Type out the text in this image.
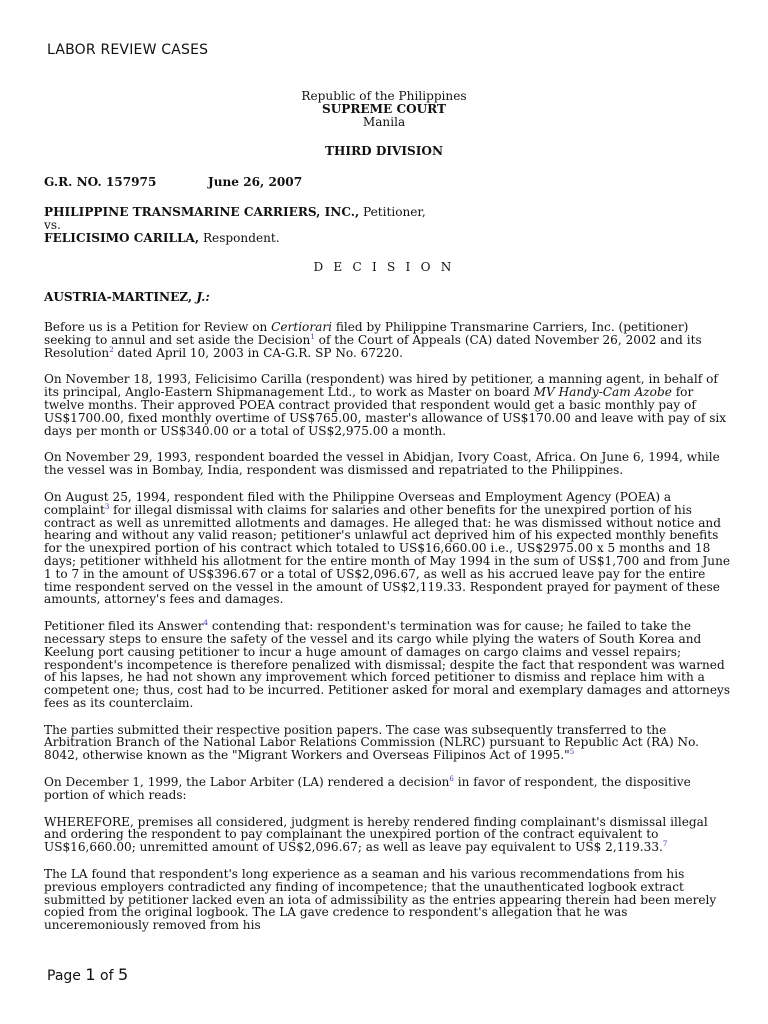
LABOR REVIEW CASES

Republic of the Philippines

SUPREME COURT

Manila

THIRD DIVISION

G.R. NO. 157975	June 26, 2007

PHILIPPINE TRANSMARINE CARRIERS, INC., Petitioner,

vs.

FELICISIMO CARILLA, Respondent.

D E C I S I O N

AUSTRIA-MARTINEZ, J.:

Before us is a Petition for Review on Certiorari filed by Philippine Transmarine Carriers, Inc. (petitioner) seeking to annul and set aside the Decision$^1$ of the Court of Appeals (CA) dated November 26, 2002 and its Resolution$^2$ dated April 10, 2003 in CA-G.R. SP No. 67220.

On November 18, 1993, Felicisimo Carilla (respondent) was hired by petitioner, a manning agent, in behalf of its principal, Anglo-Eastern Shipmanagement Ltd., to work as Master on board MV Handy-Cam Azobe for twelve months. Their approved POEA contract provided that respondent would get a basic monthly pay of US$1700.00, fixed monthly overtime of US$765.00, master's allowance of US$170.00 and leave with pay of six days per month or US$340.00 or a total of US$2,975.00 a month.

On November 29, 1993, respondent boarded the vessel in Abidjan, Ivory Coast, Africa. On June 6, 1994, while the vessel was in Bombay, India, respondent was dismissed and repatriated to the Philippines.

On August 25, 1994, respondent filed with the Philippine Overseas and Employment Agency (POEA) a complaint$^3$ for illegal dismissal with claims for salaries and other benefits for the unexpired portion of his contract as well as unremitted allotments and damages. He alleged that: he was dismissed without notice and hearing and without any valid reason; petitioner's unlawful act deprived him of his expected monthly benefits for the unexpired portion of his contract which totaled to US$16,660.00 i.e., US$2975.00 x 5 months and 18 days; petitioner withheld his allotment for the entire month of May 1994 in the sum of US$1,700 and from June 1 to 7 in the amount of US$396.67 or a total of US$2,096.67, as well as his accrued leave pay for the entire time respondent served on the vessel in the amount of US$2,119.33. Respondent prayed for payment of these amounts, attorney's fees and damages.

Petitioner filed its Answer$^4$ contending that: respondent's termination was for cause; he failed to take the necessary steps to ensure the safety of the vessel and its cargo while plying the waters of South Korea and Keelung port causing petitioner to incur a huge amount of damages on cargo claims and vessel repairs; respondent's incompetence is therefore penalized with dismissal; despite the fact that respondent was warned of his lapses, he had not shown any improvement which forced petitioner to dismiss and replace him with a competent one; thus, cost had to be incurred. Petitioner asked for moral and exemplary damages and attorneys fees as its counterclaim.

The parties submitted their respective position papers. The case was subsequently transferred to the Arbitration Branch of the National Labor Relations Commission (NLRC) pursuant to Republic Act (RA) No. 8042, otherwise known as the "Migrant Workers and Overseas Filipinos Act of 1995."$^5$

On December 1, 1999, the Labor Arbiter (LA) rendered a decision$^6$ in favor of respondent, the dispositive portion of which reads:

WHEREFORE, premises all considered, judgment is hereby rendered finding complainant's dismissal illegal and ordering the respondent to pay complainant the unexpired portion of the contract equivalent to US$16,660.00; unremitted amount of US$2,096.67; as well as leave pay equivalent to US$ 2,119.33.$^7$

The LA found that respondent's long experience as a seaman and his various recommendations from his previous employers contradicted any finding of incompetence; that the unauthenticated logbook extract submitted by petitioner lacked even an iota of admissibility as the entries appearing therein had been merely copied from the original logbook. The LA gave credence to respondent's allegation that he was unceremoniously removed from his

Page 1 of 5
